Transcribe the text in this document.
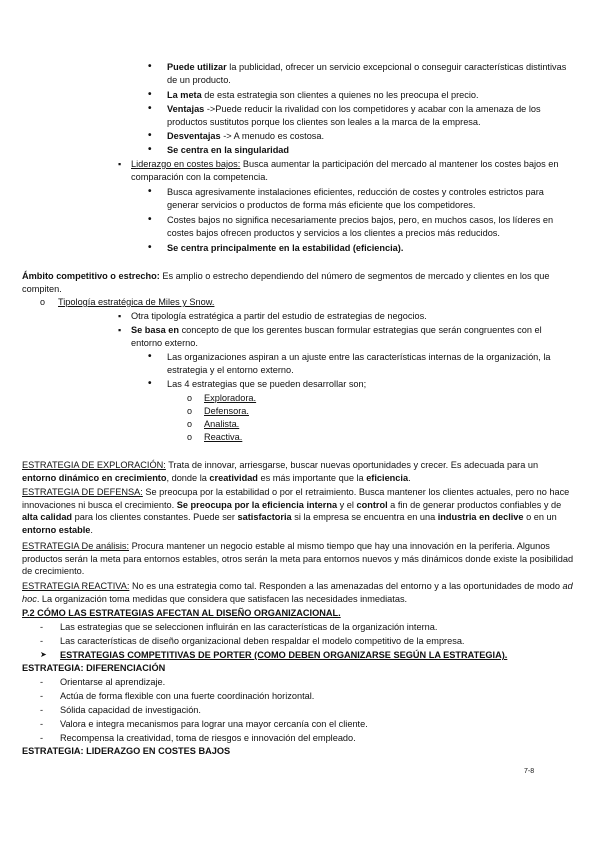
• Puede utilizar la publicidad, ofrecer un servicio excepcional o conseguir características distintivas de un producto.
• La meta de esta estrategia son clientes a quienes no les preocupa el precio.
• Ventajas ->Puede reducir la rivalidad con los competidores y acabar con la amenaza de los productos sustitutos porque los clientes son leales a la marca de la empresa.
• Desventajas -> A menudo es costosa.
• Se centra en la singularidad
▪ Liderazgo en costes bajos: Busca aumentar la participación del mercado al mantener los costes bajos en comparación con la competencia.
• Busca agresivamente instalaciones eficientes, reducción de costes y controles estrictos para generar servicios o productos de forma más eficiente que los competidores.
• Costes bajos no significa necesariamente precios bajos, pero, en muchos casos, los líderes en costes bajos ofrecen productos y servicios a los clientes a precios más reducidos.
• Se centra principalmente en la estabilidad (eficiencia).
Ámbito competitivo o estrecho: Es amplio o estrecho dependiendo del número de segmentos de mercado y clientes en los que compiten.
o Tipología estratégica de Miles y Snow.
▪ Otra tipología estratégica a partir del estudio de estrategias de negocios.
▪ Se basa en concepto de que los gerentes buscan formular estrategias que serán congruentes con el entorno externo.
• Las organizaciones aspiran a un ajuste entre las características internas de la organización, la estrategia y el entorno externo.
• Las 4 estrategias que se pueden desarrollar son;
o Exploradora.
o Defensora.
o Analista.
o Reactiva.
ESTRATEGIA DE EXPLORACIÓN: Trata de innovar, arriesgarse, buscar nuevas oportunidades y crecer. Es adecuada para un entorno dinámico en crecimiento, donde la creatividad es más importante que la eficiencia.
ESTRATEGIA DE DEFENSA: Se preocupa por la estabilidad o por el retraimiento. Busca mantener los clientes actuales, pero no hace innovaciones ni busca el crecimiento. Se preocupa por la eficiencia interna y el control a fin de generar productos confiables y de alta calidad para los clientes constantes. Puede ser satisfactoria si la empresa se encuentra en una industria en declive o en un entorno estable.
ESTRATEGIA De análisis: Procura mantener un negocio estable al mismo tiempo que hay una innovación en la periferia. Algunos productos serán la meta para entornos estables, otros serán la meta para entornos nuevos y más dinámicos donde existe la posibilidad de crecimiento.
ESTRATEGIA REACTIVA: No es una estrategia como tal. Responden a las amenazadas del entorno y a las oportunidades de modo ad hoc. La organización toma medidas que considera que satisfacen las necesidades inmediatas.
P.2 CÓMO LAS ESTRATEGIAS AFECTAN AL DISEÑO ORGANIZACIONAL.
- Las estrategias que se seleccionen influirán en las características de la organización interna.
- Las características de diseño organizacional deben respaldar el modelo competitivo de la empresa.
➤ ESTRATEGIAS COMPETITIVAS DE PORTER (COMO DEBEN ORGANIZARSE SEGÚN LA ESTRATEGIA).
ESTRATEGIA: DIFERENCIACIÓN
- Orientarse al aprendizaje.
- Actúa de forma flexible con una fuerte coordinación horizontal.
- Sólida capacidad de investigación.
- Valora e integra mecanismos para lograr una mayor cercanía con el cliente.
- Recompensa la creatividad, toma de riesgos e innovación del empleado.
ESTRATEGIA: LIDERAZGO EN COSTES BAJOS
7-8
